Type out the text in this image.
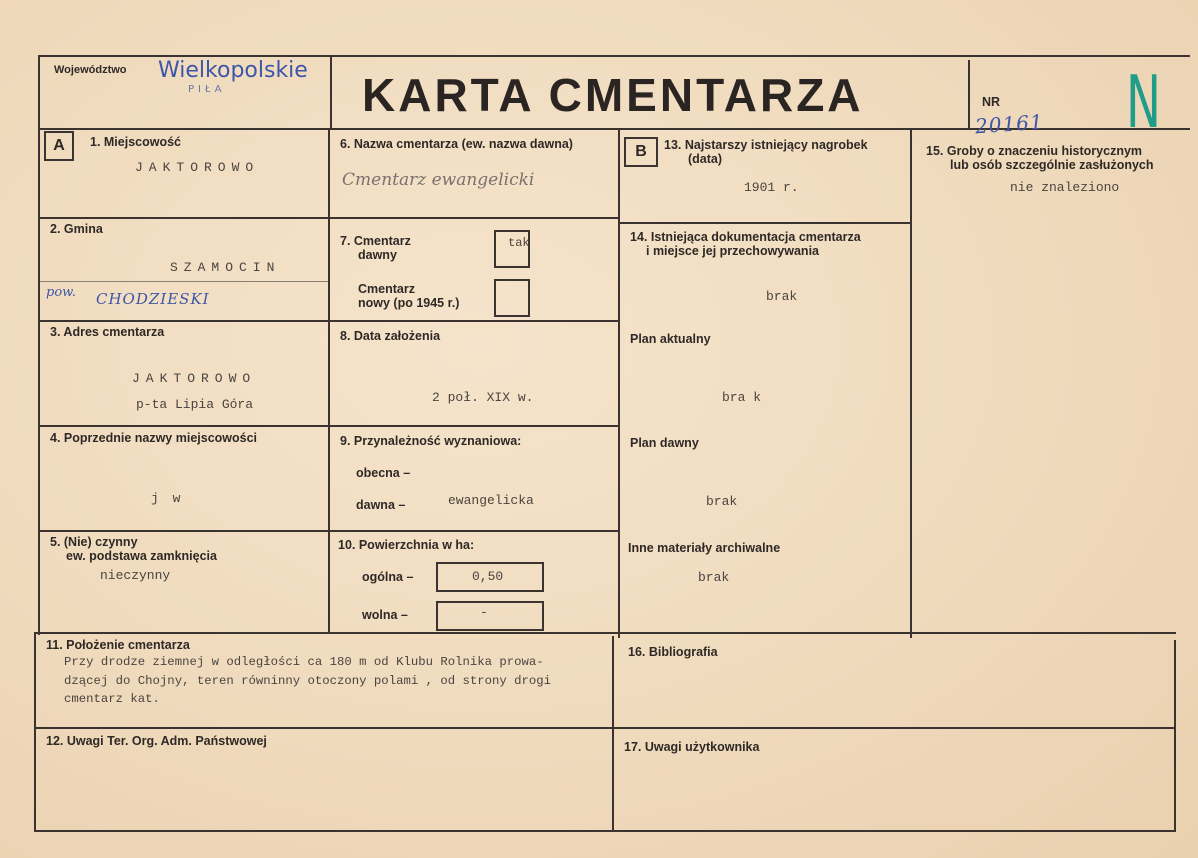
Województwo Wielkopolskie
PIŁA	KARTA CMENTARZA	NR
20161 N
A	B
1. Miejscowość
JAKTOROWO
2. Gmina
SZAMOCIN
pow. CHODZIESKI
3. Adres cmentarza
JAKTOROWO
p-ta Lipia Góra
4. Poprzednie nazwy miejscowości
j w
5. (Nie) czynny
ew. podstawa zamknięcia
nieczynny
6. Nazwa cmentarza (ew. nazwa dawna)
Cmentarz ewangelicki
7. Cmentarz
dawny
tak
Cmentarz
nowy (po 1945 r.)
8. Data założenia
2 poł. XIX w.
9. Przynależność wyznaniowa:
obecna –
dawna –	ewangelicka
10. Powierzchnia w ha:
ogólna –	0,50
wolna –	-
11. Położenie cmentarza
Przy drodze ziemnej w odległości ca 180 m od Klubu Rolnika prowa-
dzącej do Chojny, teren równinny otoczony polami , od strony drogi
cmentarz kat.
12. Uwagi Ter. Org. Adm. Państwowej
13. Najstarszy istniejący nagrobek
(data)
1901 r.
14. Istniejąca dokumentacja cmentarza
i miejsce jej przechowywania
brak
Plan aktualny
bra k
Plan dawny
brak
Inne materiały archiwalne
brak
15. Groby o znaczeniu historycznym
lub osób szczególnie zasłużonych
nie znaleziono
16. Bibliografia
17. Uwagi użytkownika
